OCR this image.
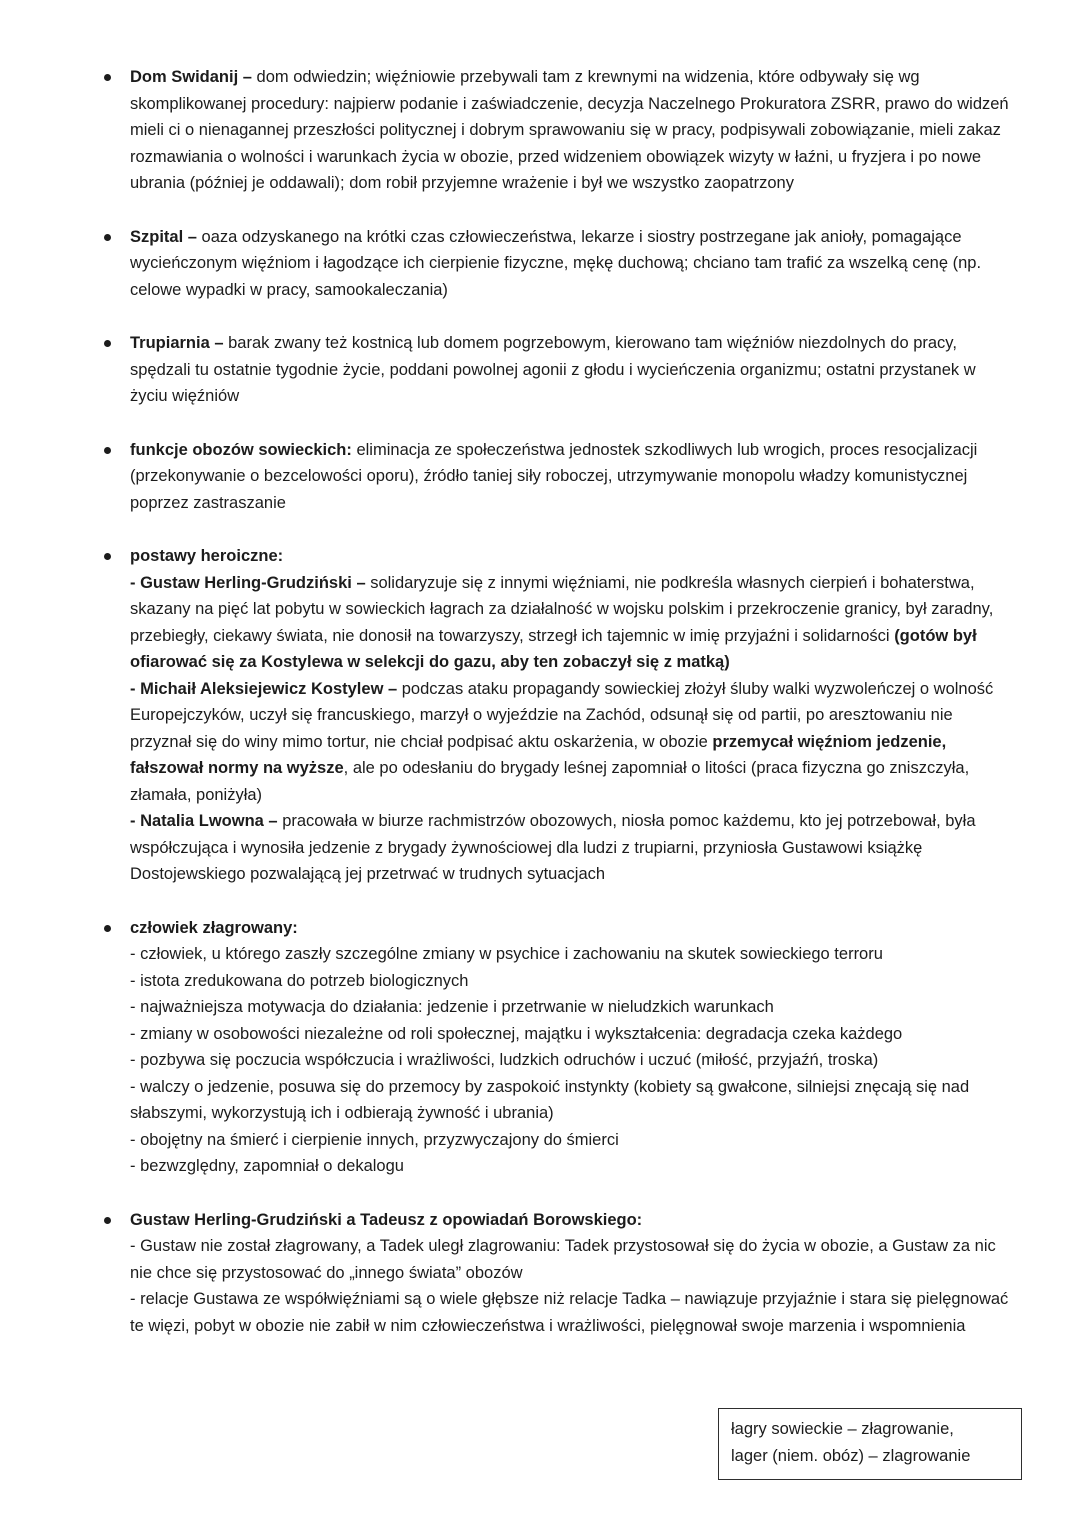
Dom Swidanij – dom odwiedzin; więźniowie przebywali tam z krewnymi na widzenia, które odbywały się wg skomplikowanej procedury: najpierw podanie i zaświadczenie, decyzja Naczelnego Prokuratora ZSRR, prawo do widzeń mieli ci o nienagannej przeszłości politycznej i dobrym sprawowaniu się w pracy, podpisywali zobowiązanie, mieli zakaz rozmawiania o wolności i warunkach życia w obozie, przed widzeniem obowiązek wizyty w łaźni, u fryzjera i po nowe ubrania (później je oddawali); dom robił przyjemne wrażenie i był we wszystko zaopatrzony
Szpital – oaza odzyskanego na krótki czas człowieczeństwa, lekarze i siostry postrzegane jak anioły, pomagające wycieńczonym więźniom i łagodzące ich cierpienie fizyczne, mękę duchową; chciano tam trafić za wszelką cenę (np. celowe wypadki w pracy, samookaleczania)
Trupiarnia – barak zwany też kostnicą lub domem pogrzebowym, kierowano tam więźniów niezdolnych do pracy, spędzali tu ostatnie tygodnie życie, poddani powolnej agonii z głodu i wycieńczenia organizmu; ostatni przystanek w życiu więźniów
funkcje obozów sowieckich: eliminacja ze społeczeństwa jednostek szkodliwych lub wrogich, proces resocjalizacji (przekonywanie o bezcelowości oporu), źródło taniej siły roboczej, utrzymywanie monopolu władzy komunistycznej poprzez zastraszanie
postawy heroiczne:
- Gustaw Herling-Grudziński – solidaryzuje się z innymi więźniami, nie podkreśla własnych cierpień i bohaterstwa, skazany na pięć lat pobytu w sowieckich łagrach za działalność w wojsku polskim i przekroczenie granicy, był zaradny, przebiegły, ciekawy świata, nie donosił na towarzyszy, strzegł ich tajemnic w imię przyjaźni i solidarności (gotów był ofiarować się za Kostylewa w selekcji do gazu, aby ten zobaczył się z matką)
- Michaił Aleksiejewicz Kostylew – podczas ataku propagandy sowieckiej złożył śluby walki wyzwoleńczej o wolność Europejczyków, uczył się francuskiego, marzył o wyjeździe na Zachód, odsunął się od partii, po aresztowaniu nie przyznał się do winy mimo tortur, nie chciał podpisać aktu oskarżenia, w obozie przemycał więźniom jedzenie, fałszował normy na wyższe, ale po odesłaniu do brygady leśnej zapomniał o litości (praca fizyczna go zniszczyła, złamała, poniżyła)
- Natalia Lwowna – pracowała w biurze rachmistrzów obozowych, niosła pomoc każdemu, kto jej potrzebował, była współczująca i wynosiła jedzenie z brygady żywnościowej dla ludzi z trupiarni, przyniosła Gustawowi książkę Dostojewskiego pozwalającą jej przetrwać w trudnych sytuacjach
człowiek złagrowany:
- człowiek, u którego zaszły szczególne zmiany w psychice i zachowaniu na skutek sowieckiego terroru
- istota zredukowana do potrzeb biologicznych
- najważniejsza motywacja do działania: jedzenie i przetrwanie w nieludzkich warunkach
- zmiany w osobowości niezależne od roli społecznej, majątku i wykształcenia: degradacja czeka każdego
- pozbywa się poczucia współczucia i wrażliwości, ludzkich odruchów i uczuć (miłość, przyjaźń, troska)
- walczy o jedzenie, posuwa się do przemocy by zaspokoić instynkty (kobiety są gwałcone, silniejsi znęcają się nad słabszymi, wykorzystują ich i odbierają żywność i ubrania)
- obojętny na śmierć i cierpienie innych, przyzwyczajony do śmierci
- bezwzględny, zapomniał o dekalogu
Gustaw Herling-Grudziński a Tadeusz z opowiadań Borowskiego:
- Gustaw nie został złagrowany, a Tadek uległ zlagrowaniu: Tadek przystosował się do życia w obozie, a Gustaw za nic nie chce się przystosować do „innego świata” obozów
- relacje Gustawa ze współwięźniami są o wiele głębsze niż relacje Tadka – nawiązuje przyjaźnie i stara się pielęgnować te więzi, pobyt w obozie nie zabił w nim człowieczeństwa i wrażliwości, pielęgnował swoje marzenia i wspomnienia
łagry sowieckie – złagrowanie,
lager (niem. obóz) – zlagrowanie
